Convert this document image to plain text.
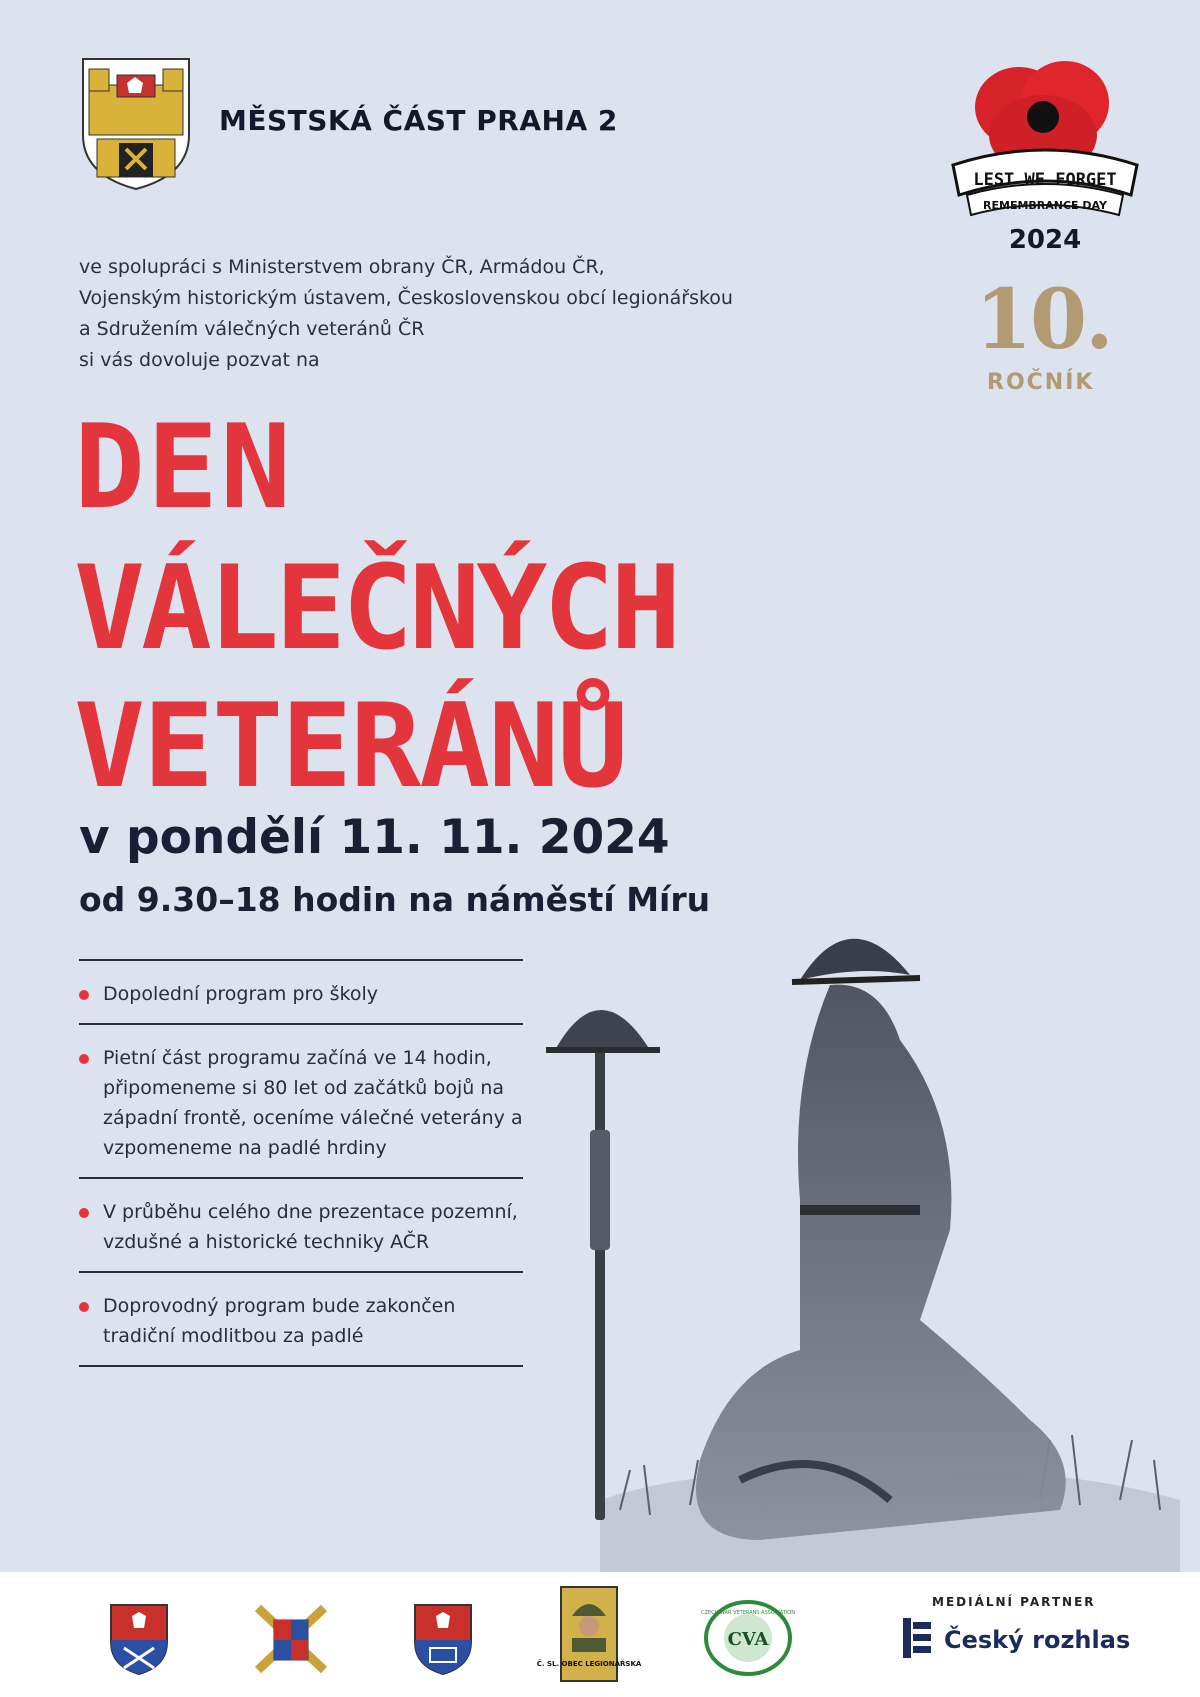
MĚSTSKÁ ČÁST PRAHA 2
LEST WE FORGET
REMEMBRANCE DAY
2024
10.
ROČNÍK
ve spolupráci s Ministerstvem obrany ČR, Armádou ČR,
Vojenským historickým ústavem, Československou obcí legionářskou
a Sdružením válečných veteránů ČR
si vás dovoluje pozvat na
DEN
VÁLEČNÝCH
VETERÁNŮ
v pondělí 11. 11. 2024
od 9.30–18 hodin na náměstí Míru
Dopolední program pro školy
Pietní část programu začíná ve 14 hodin, připomeneme si 80 let od začátků bojů na západní frontě, oceníme válečné veterány a vzpomeneme na padlé hrdiny
V průběhu celého dne prezentace pozemní, vzdušné a historické techniky AČR
Doprovodný program bude zakončen tradiční modlitbou za padlé
Č. SL. OBEC LEGIONÁŘSKÁ
CZECH WAR VETERANS ASSOCIATION
CVA
MEDIÁLNÍ PARTNER
Český rozhlas
